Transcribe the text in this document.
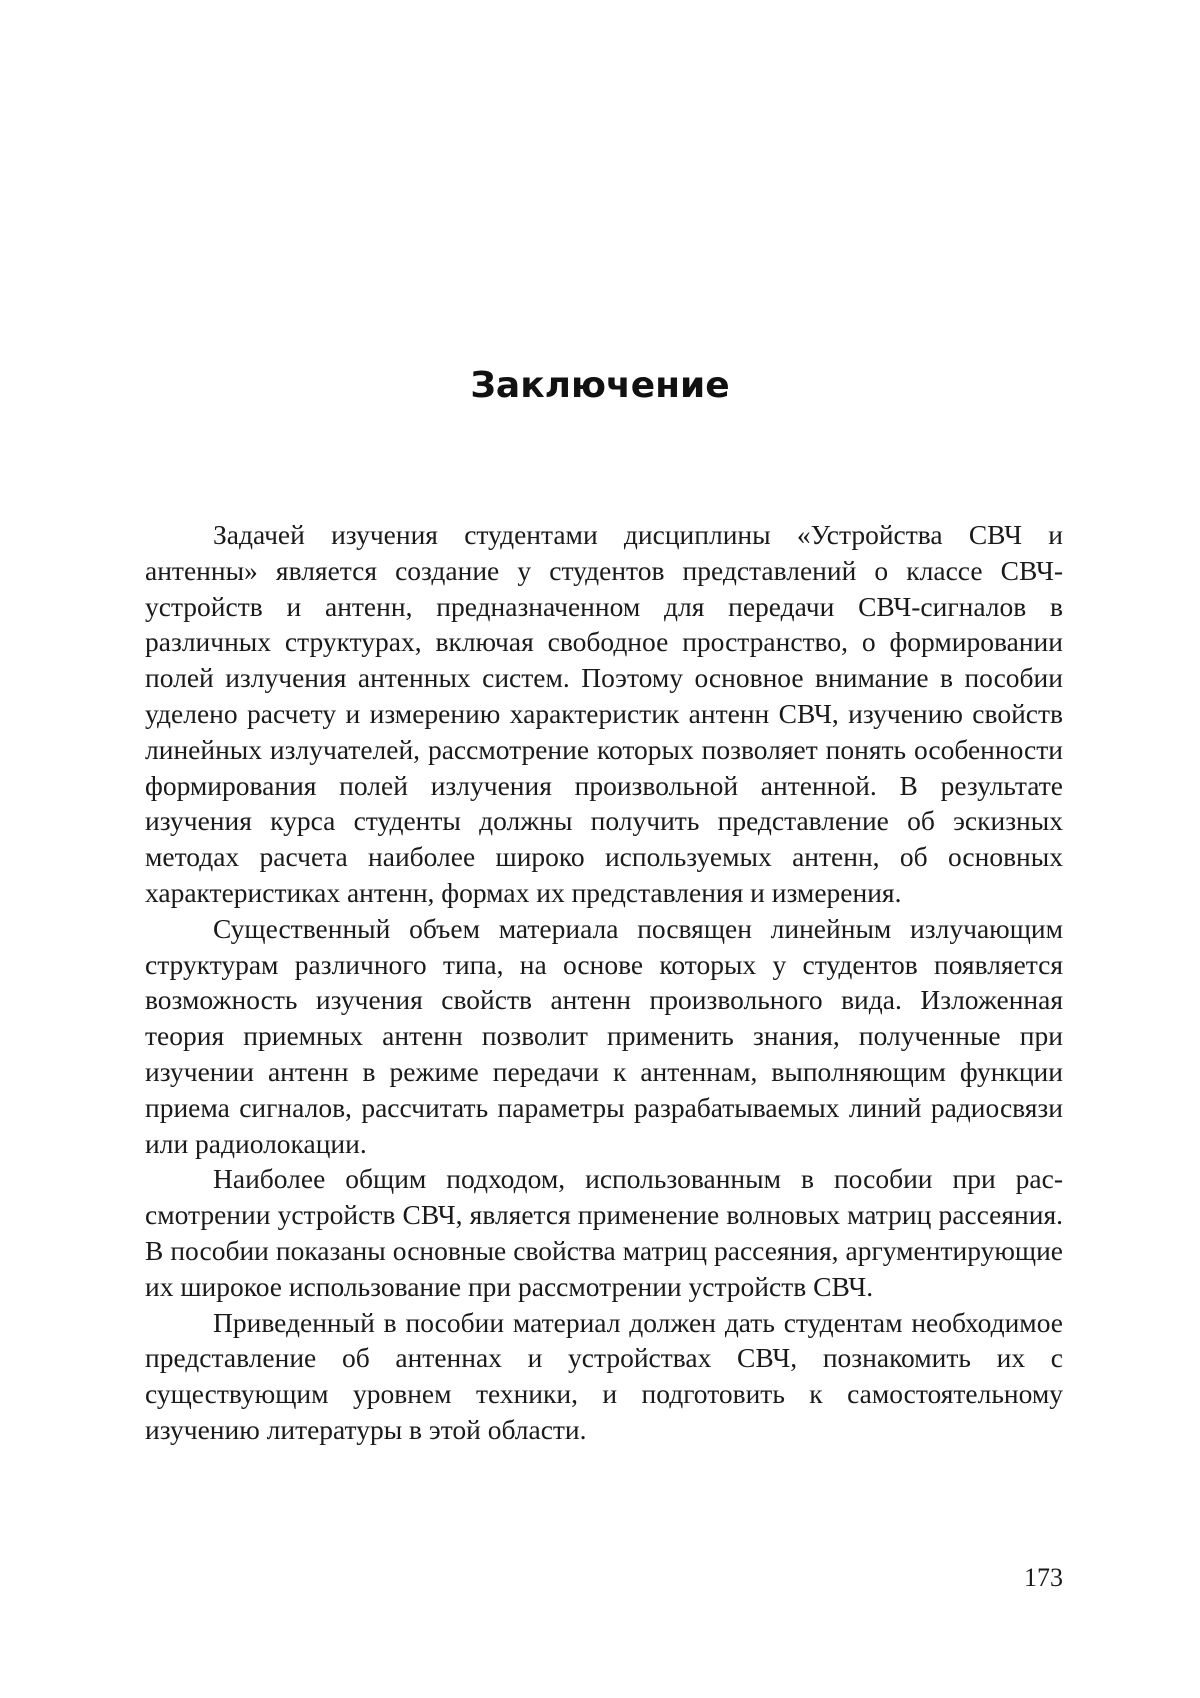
Заключение

Задачей изучения студентами дисциплины «Устройства СВЧ и антенны» является создание у студентов представлений о классе СВЧ-устройств и антенн, предназначенном для передачи СВЧ-сигналов в различных структурах, включая свободное пространство, о формировании полей излучения антенных систем. Поэтому основное внимание в пособии уделено расчету и измерению характеристик антенн СВЧ, изучению свойств линейных излучателей, рассмотрение которых позволяет понять особенности формирования полей излучения произвольной антенной. В результате изучения курса студенты должны получить представление об эскизных методах расчета наиболее широко используемых антенн, об основных характеристиках антенн, формах их представления и измерения.

Существенный объем материала посвящен линейным излучающим структурам различного типа, на основе которых у студентов появляется возможность изучения свойств антенн произвольного вида. Изложенная теория приемных антенн позволит применить знания, полученные при изучении антенн в режиме передачи к антеннам, выполняющим функции приема сигналов, рассчитать параметры разрабатываемых линий радиосвязи или радиолокации.

Наиболее общим подходом, использованным в пособии при рассмотрении устройств СВЧ, является применение волновых матриц рассеяния. В пособии показаны основные свойства матриц рассеяния, аргументирующие их широкое использование при рассмотрении устройств СВЧ.

Приведенный в пособии материал должен дать студентам необходимое представление об антеннах и устройствах СВЧ, познакомить их с существующим уровнем техники, и подготовить к самостоятельному изучению литературы в этой области.

173
